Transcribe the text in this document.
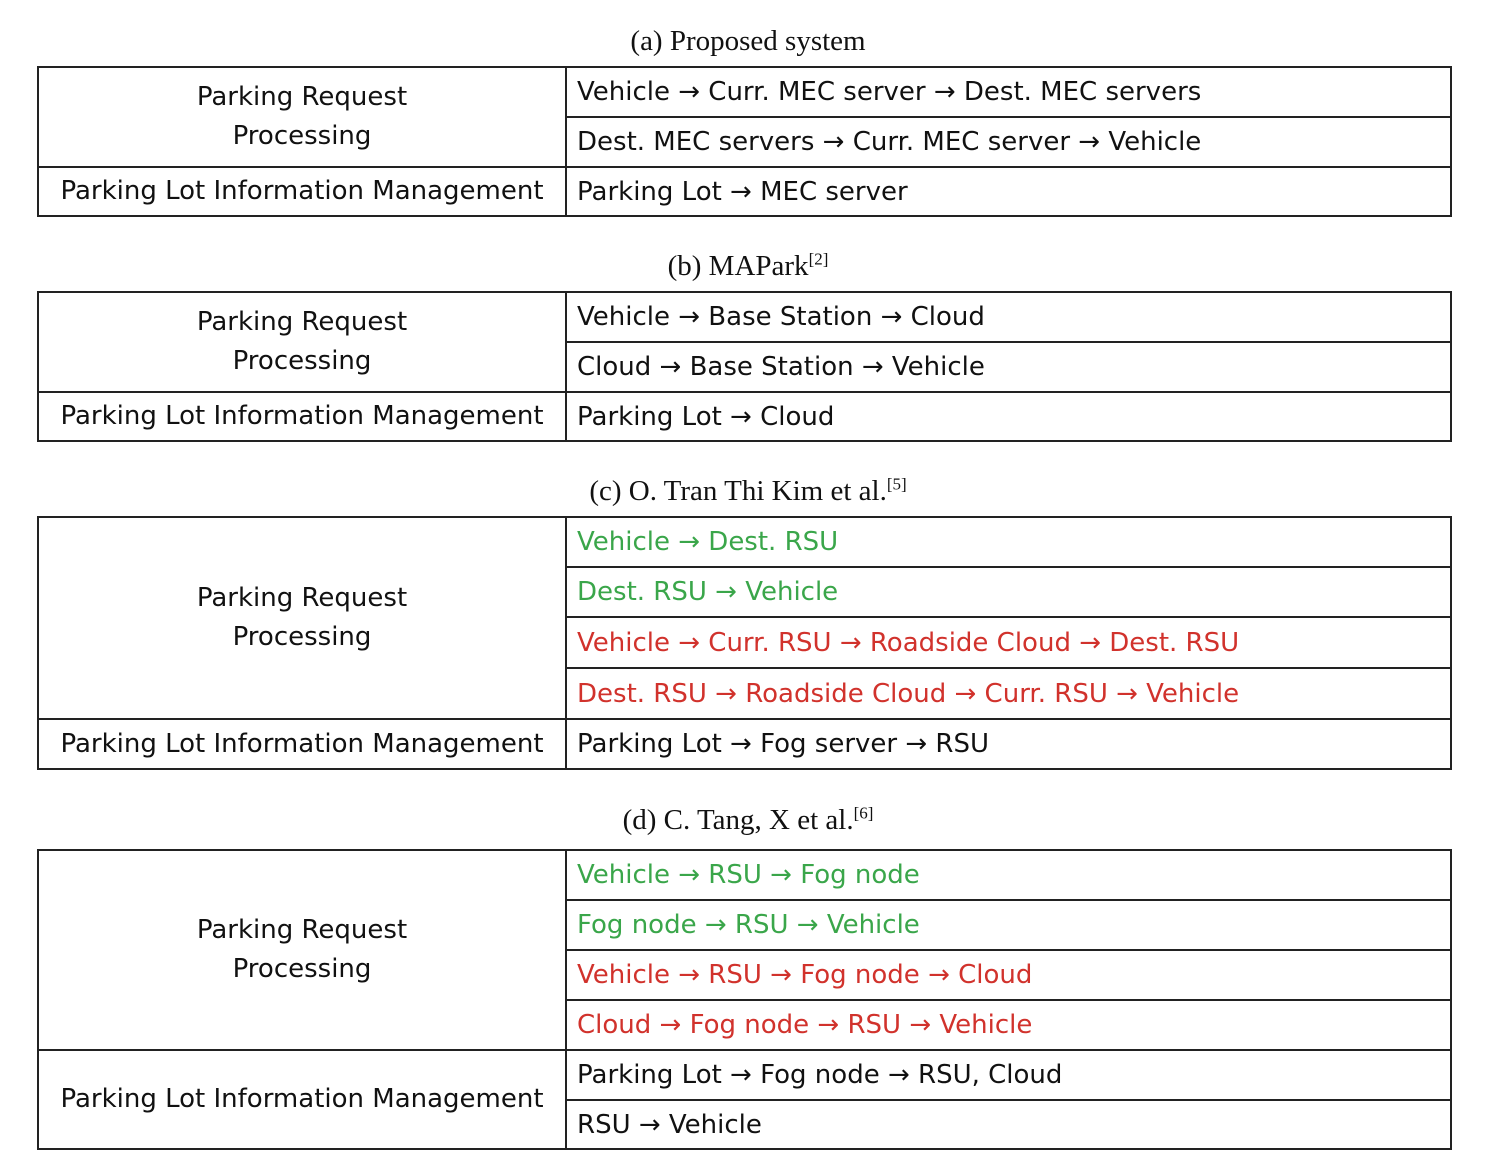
(a) Proposed system
Parking Request
Processing	Vehicle → Curr. MEC server → Dest. MEC servers
	Dest. MEC servers → Curr. MEC server → Vehicle
Parking Lot Information Management	Parking Lot → MEC server
(b) MAPark[2]
Parking Request
Processing	Vehicle → Base Station → Cloud
	Cloud → Base Station → Vehicle
Parking Lot Information Management	Parking Lot → Cloud
(c) O. Tran Thi Kim et al.[5]
Parking Request
Processing	Vehicle → Dest. RSU
	Dest. RSU → Vehicle
	Vehicle → Curr. RSU → Roadside Cloud → Dest. RSU
	Dest. RSU → Roadside Cloud → Curr. RSU → Vehicle
Parking Lot Information Management	Parking Lot → Fog server → RSU
(d) C. Tang, X et al.[6]
Parking Request
Processing	Vehicle → RSU → Fog node
	Fog node → RSU → Vehicle
	Vehicle → RSU → Fog node → Cloud
	Cloud → Fog node → RSU → Vehicle
Parking Lot Information Management	Parking Lot → Fog node → RSU, Cloud
	RSU → Vehicle
